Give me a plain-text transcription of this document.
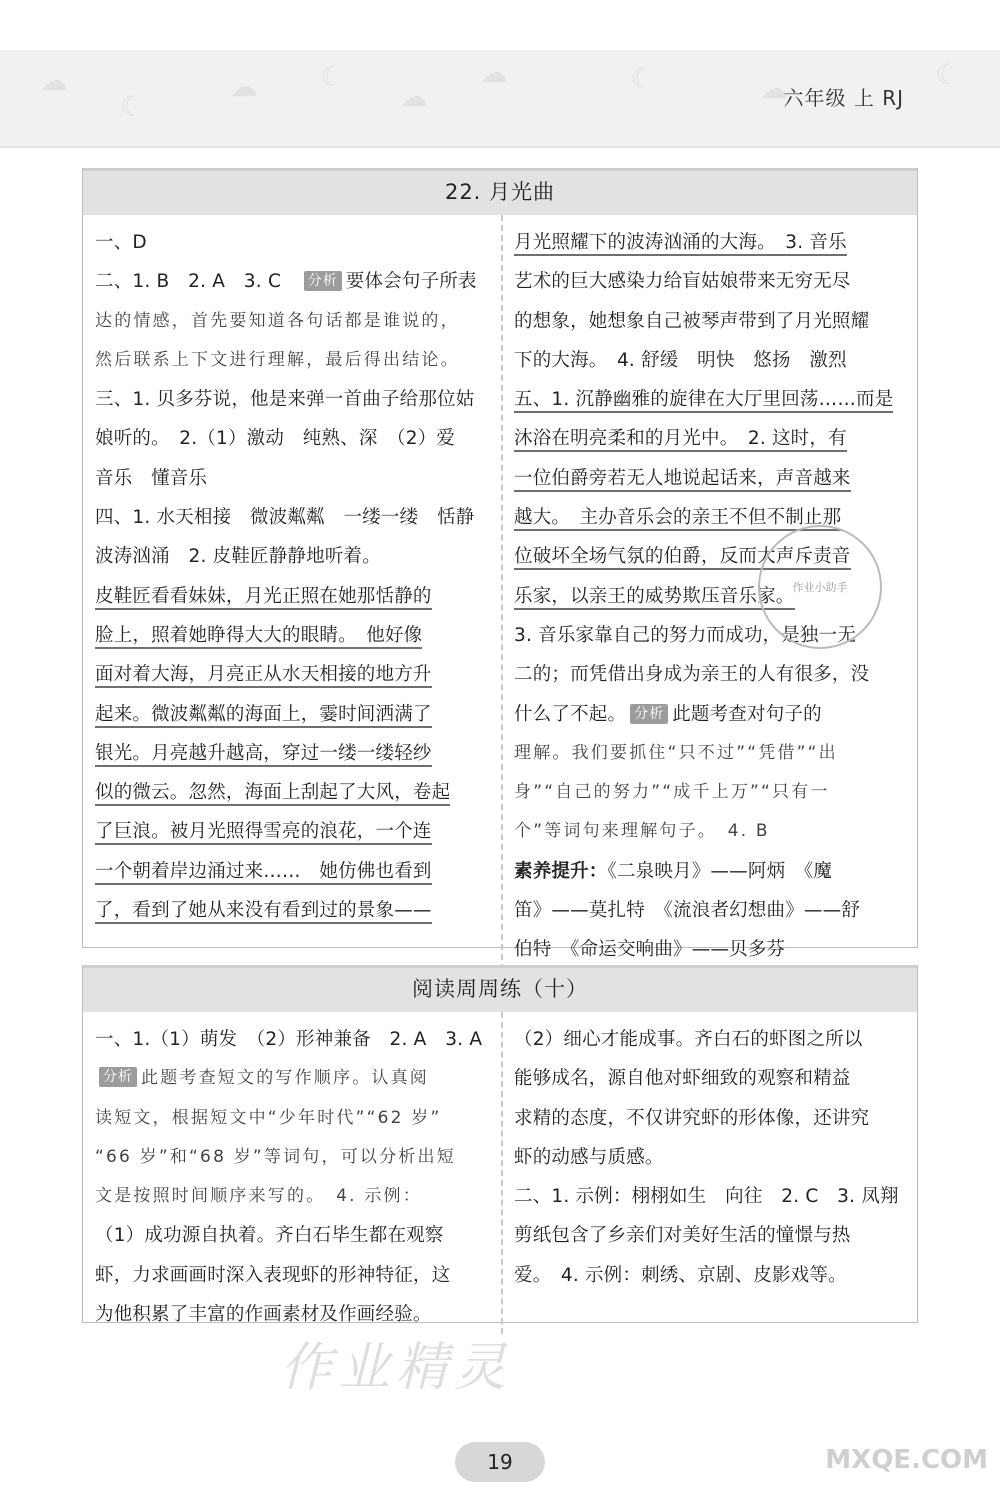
☁
☾
☁ ☾
☁
☁	☾	☁	☾
六年级 上 RJ
22. 月光曲
一、D
二、1. B　2. A　3. C　分析 要体会句子所表
达的情感，首先要知道各句话都是谁说的，
然后联系上下文进行理解，最后得出结论。
三、1. 贝多芬说，他是来弹一首曲子给那位姑
娘听的。　2.（1）激动　纯熟、深　（2）爱
音乐　懂音乐
四、1. 水天相接　微波粼粼　一缕一缕　恬静
波涛汹涌　2. 皮鞋匠静静地听着。
皮鞋匠看看妹妹，月光正照在她那恬静的
脸上，照着她睁得大大的眼睛。　他好像
面对着大海，月亮正从水天相接的地方升
起来。微波粼粼的海面上，霎时间洒满了
银光。月亮越升越高，穿过一缕一缕轻纱
似的微云。忽然，海面上刮起了大风，卷起
了巨浪。被月光照得雪亮的浪花，一个连
一个朝着岸边涌过来……　她仿佛也看到
了，看到了她从来没有看到过的景象——
月光照耀下的波涛汹涌的大海。　3. 音乐
艺术的巨大感染力给盲姑娘带来无穷无尽
的想象，她想象自己被琴声带到了月光照耀
下的大海。　4. 舒缓　明快　悠扬　激烈
五、1. 沉静幽雅的旋律在大厅里回荡……而是
沐浴在明亮柔和的月光中。　2. 这时，有
一位伯爵旁若无人地说起话来，声音越来
越大。　主办音乐会的亲王不但不制止那
位破坏全场气氛的伯爵，反而大声斥责音
乐家，以亲王的威势欺压音乐家。
3. 音乐家靠自己的努力而成功，是独一无
二的；而凭借出身成为亲王的人有很多，没
什么了不起。 分析 此题考查对句子的
理解。我们要抓住“只不过”“凭借”“出
身”“自己的努力”“成千上万”“只有一
个”等词句来理解句子。　4. B
素养提升：《二泉映月》——阿炳　《魔
笛》——莫扎特　《流浪者幻想曲》——舒
伯特　《命运交响曲》——贝多芬
阅读周周练（十）
一、1.（1）萌发　（2）形神兼备　2. A　3. A
分析 此题考查短文的写作顺序。认真阅
读短文，根据短文中“少年时代”“62 岁”
“66 岁”和“68 岁”等词句，可以分析出短
文是按照时间顺序来写的。　4. 示例：
（1）成功源自执着。齐白石毕生都在观察
虾，力求画画时深入表现虾的形神特征，这
为他积累了丰富的作画素材及作画经验。
（2）细心才能成事。齐白石的虾图之所以
能够成名，源自他对虾细致的观察和精益
求精的态度，不仅讲究虾的形体像，还讲究
虾的动感与质感。
二、1. 示例：栩栩如生　向往　2. C　3. 凤翔
剪纸包含了乡亲们对美好生活的憧憬与热
爱。　4. 示例：刺绣、京剧、皮影戏等。
作业小助手
作业精灵
19	MXQE.COM
